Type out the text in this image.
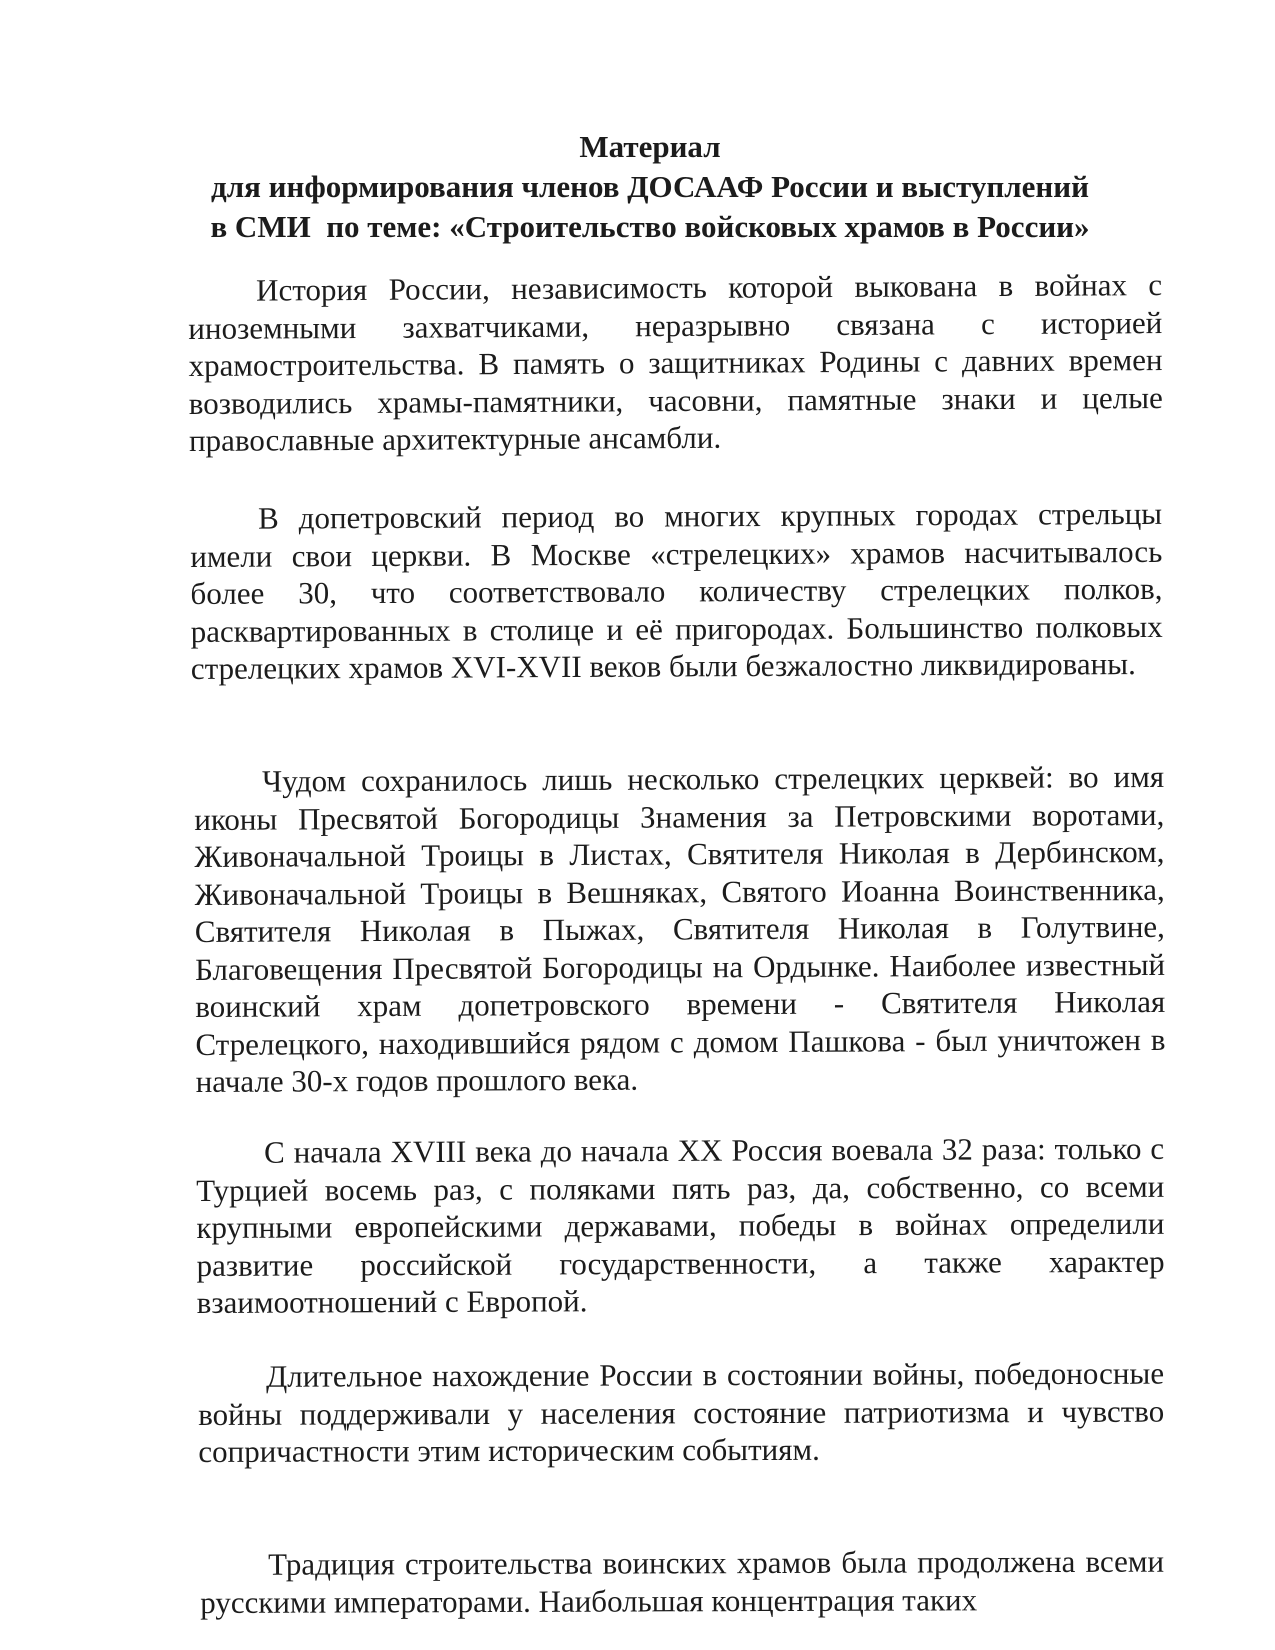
Материал
для информирования членов ДОСААФ России и выступлений
в СМИ  по теме: «Строительство войсковых храмов в России»

История России, независимость которой выкована в войнах с иноземными захватчиками, неразрывно связана с историей храмостроительства. В память о защитниках Родины с давних времен возводились храмы-памятники, часовни, памятные знаки и целые православные архитектурные ансамбли.

В допетровский период во многих крупных городах стрельцы имели свои церкви. В Москве «стрелецких» храмов насчитывалось более 30, что соответствовало количеству стрелецких полков, расквартированных в столице и её пригородах. Большинство полковых стрелецких храмов XVI-XVII веков были безжалостно ликвидированы.

Чудом сохранилось лишь несколько стрелецких церквей: во имя иконы Пресвятой Богородицы Знамения за Петровскими воротами, Живоначальной Троицы в Листах, Святителя Николая в Дербинском, Живоначальной Троицы в Вешняках, Святого Иоанна Воинственника, Святителя Николая в Пыжах, Святителя Николая в Голутвине, Благовещения Пресвятой Богородицы на Ордынке. Наиболее известный воинский храм допетровского времени - Святителя Николая Стрелецкого, находившийся рядом с домом Пашкова - был уничтожен в начале 30-х годов прошлого века.

С начала XVIII века до начала XX Россия воевала 32 раза: только с Турцией восемь раз, с поляками пять раз, да, собственно, со всеми крупными европейскими державами, победы в войнах определили развитие российской государственности, а также характер взаимоотношений с Европой.

Длительное нахождение России в состоянии войны, победоносные войны поддерживали у населения состояние патриотизма и чувство сопричастности этим историческим событиям.

Традиция строительства воинских храмов была продолжена всеми русскими императорами. Наибольшая концентрация таких
